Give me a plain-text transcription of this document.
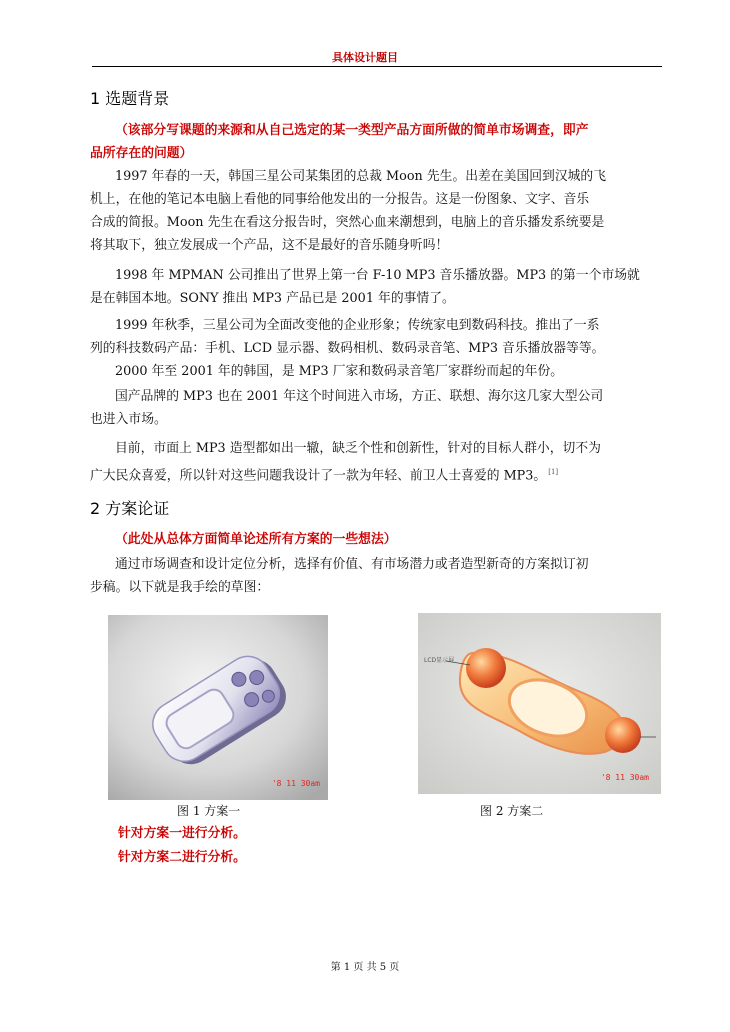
具体设计题目
1 选题背景
（该部分写课题的来源和从自己选定的某一类型产品方面所做的简单市场调查，即产
品所存在的问题）
1997 年春的一天，韩国三星公司某集团的总裁 Moon 先生。出差在美国回到汉城的飞
机上，在他的笔记本电脑上看他的同事给他发出的一分报告。这是一份图象、文字、音乐
合成的简报。Moon 先生在看这分报告时，突然心血来潮想到，电脑上的音乐播发系统要是
将其取下，独立发展成一个产品，这不是最好的音乐随身听吗！
1998 年 MPMAN 公司推出了世界上第一台 F-10 MP3 音乐播放器。MP3 的第一个市场就
是在韩国本地。SONY 推出 MP3 产品已是 2001 年的事情了。
1999 年秋季，三星公司为全面改变他的企业形象；传统家电到数码科技。推出了一系
列的科技数码产品：手机、LCD 显示器、数码相机、数码录音笔、MP3 音乐播放器等等。
2000 年至 2001 年的韩国，是 MP3 厂家和数码录音笔厂家群纷而起的年份。
国产品牌的 MP3 也在 2001 年这个时间进入市场，方正、联想、海尔这几家大型公司
也进入市场。
目前，市面上 MP3 造型都如出一辙，缺乏个性和创新性，针对的目标人群小，切不为
广大民众喜爱，所以针对这些问题我设计了一款为年轻、前卫人士喜爱的 MP3。 [1]
2 方案论证
（此处从总体方面简单论述所有方案的一些想法）
通过市场调查和设计定位分析，选择有价值、有市场潜力或者造型新奇的方案拟订初
步稿。以下就是我手绘的草图：
'8 11 30am
图 1 方案一
LCD显示屏
'8 11 30am
图 2 方案二
针对方案一进行分析。
针对方案二进行分析。
第 1 页 共 5 页
